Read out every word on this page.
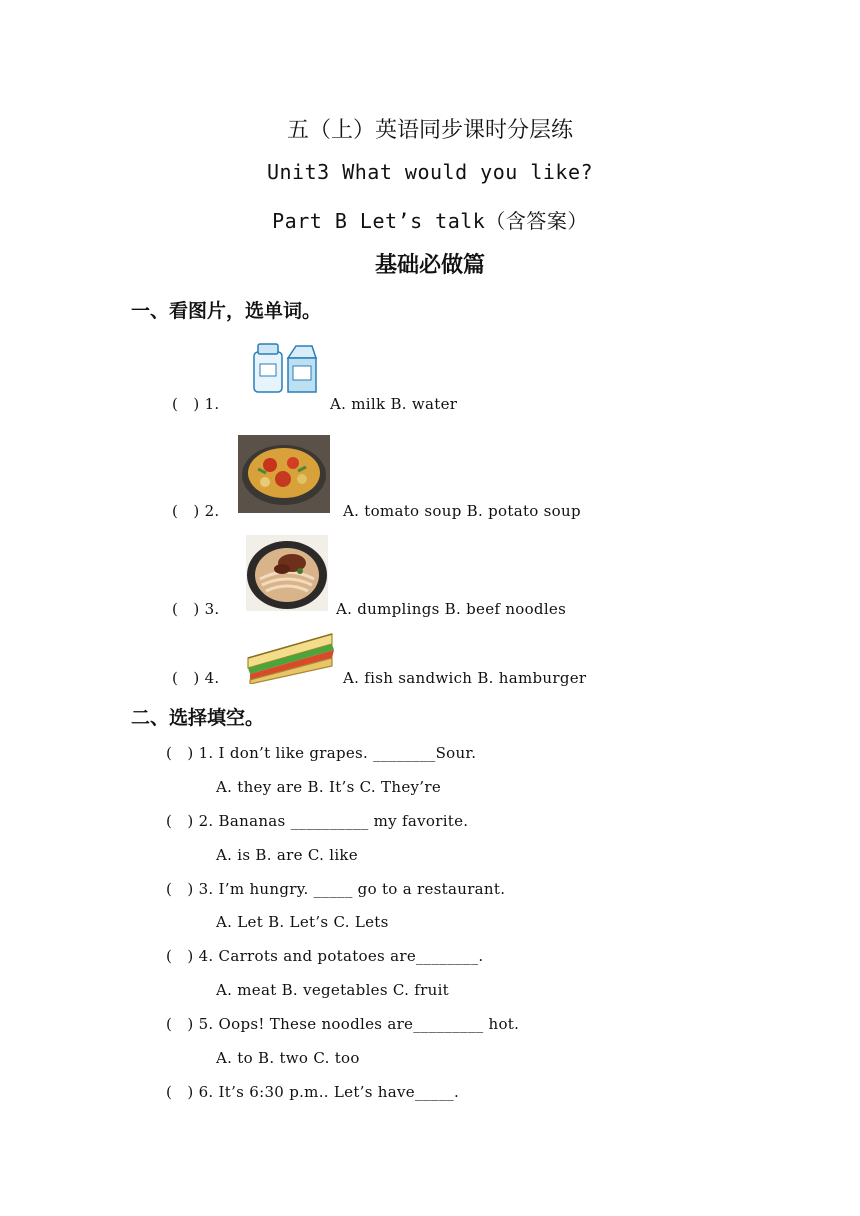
五（上）英语同步课时分层练
Unit3 What would you like?
Part B Let’s talk（含答案）
基础必做篇
一、看图片，选单词。
(   ) 1.	A. milk B. water
(   ) 2.	A. tomato soup B. potato soup
(   ) 3.	A. dumplings B. beef noodles
(   ) 4.	A. fish sandwich B. hamburger
二、选择填空。
(   ) 1. I don’t like grapes. ________Sour.
A. they are B. It’s C. They’re
(   ) 2. Bananas __________ my favorite.
A. is B. are C. like
(   ) 3. I’m hungry. _____ go to a restaurant.
A. Let B. Let’s C. Lets
(   ) 4. Carrots and potatoes are________.
A. meat B. vegetables C. fruit
(   ) 5. Oops! These noodles are_________ hot.
A. to B. two C. too
(   ) 6. It’s 6:30 p.m.. Let’s have_____.
